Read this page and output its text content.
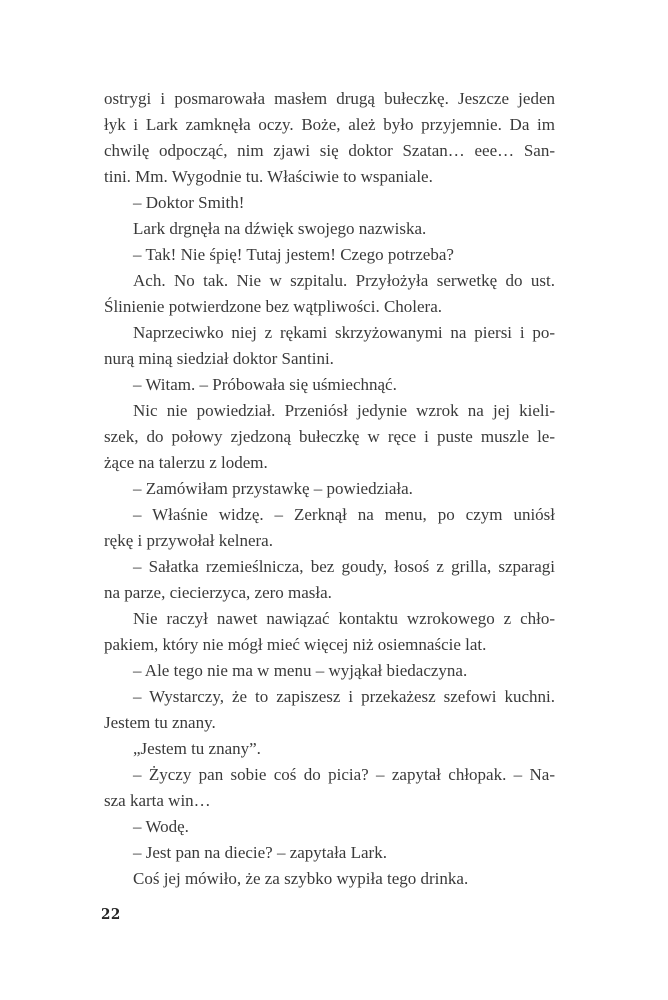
ostrygi i posmarowała masłem drugą bułeczkę. Jeszcze jeden
łyk i Lark zamknęła oczy. Boże, ależ było przyjemnie. Da im
chwilę odpocząć, nim zjawi się doktor Szatan… eee… San-
tini. Mm. Wygodnie tu. Właściwie to wspaniale.
– Doktor Smith!
Lark drgnęła na dźwięk swojego nazwiska.
– Tak! Nie śpię! Tutaj jestem! Czego potrzeba?
Ach. No tak. Nie w szpitalu. Przyłożyła serwetkę do ust.
Ślinienie potwierdzone bez wątpliwości. Cholera.
Naprzeciwko niej z rękami skrzyżowanymi na piersi i po-
nurą miną siedział doktor Santini.
– Witam. – Próbowała się uśmiechnąć.
Nic nie powiedział. Przeniósł jedynie wzrok na jej kieli-
szek, do połowy zjedzoną bułeczkę w ręce i puste muszle le-
żące na talerzu z lodem.
– Zamówiłam przystawkę – powiedziała.
– Właśnie widzę. – Zerknął na menu, po czym uniósł
rękę i przywołał kelnera.
– Sałatka rzemieślnicza, bez goudy, łosoś z grilla, szparagi
na parze, ciecierzyca, zero masła.
Nie raczył nawet nawiązać kontaktu wzrokowego z chło-
pakiem, który nie mógł mieć więcej niż osiemnaście lat.
– Ale tego nie ma w menu – wyjąkał biedaczyna.
– Wystarczy, że to zapiszesz i przekażesz szefowi kuchni.
Jestem tu znany.
„Jestem tu znany”.
– Życzy pan sobie coś do picia? – zapytał chłopak. – Na-
sza karta win…
– Wodę.
– Jest pan na diecie? – zapytała Lark.
Coś jej mówiło, że za szybko wypiła tego drinka.
22
